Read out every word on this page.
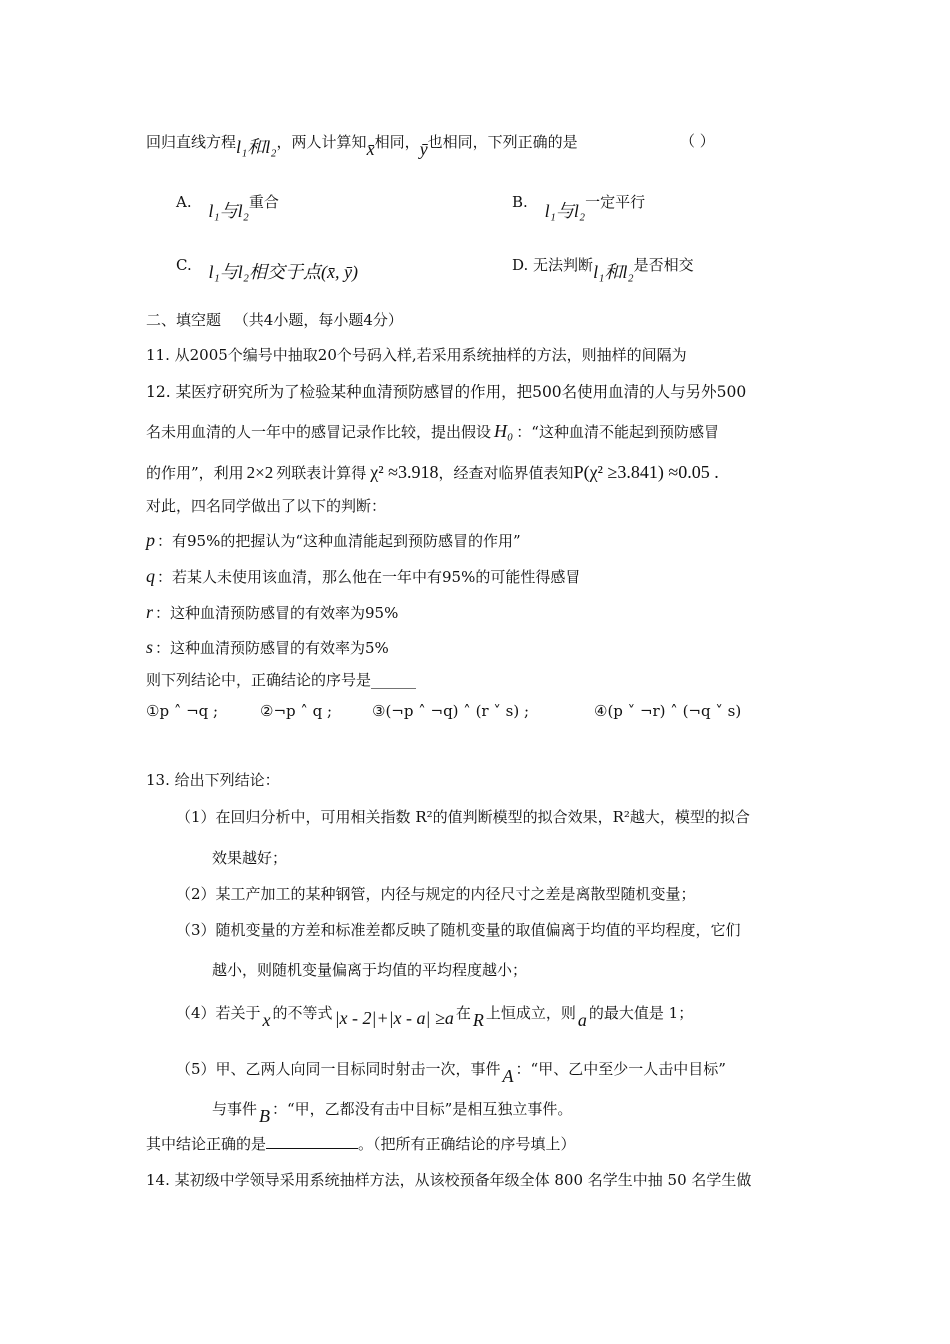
回归直线方程l₁和l₂，两人计算知x̄相同，ȳ也相同，下列正确的是	（ ）
A. l₁与l₂重合	B. l₁与l₂一定平行
C. l₁与l₂相交于点(x̄, ȳ)	D. 无法判断l₁和l₂是否相交
二、填空题 （共4小题，每小题4分）
11. 从2005个编号中抽取20个号码入样,若采用系统抽样的方法，则抽样的间隔为
12. 某医疗研究所为了检验某种血清预防感冒的作用，把500名使用血清的人与另外500
名未用血清的人一年中的感冒记录作比较，提出假设 H₀ ：“这种血清不能起到预防感冒
的作用”，利用 2×2 列联表计算得 χ² ≈3.918，经查对临界值表知P(χ² ≥3.841) ≈0.05 .
对此，四名同学做出了以下的判断：
p ：有95%的把握认为“这种血清能起到预防感冒的作用”
q ：若某人未使用该血清，那么他在一年中有95%的可能性得感冒
r ：这种血清预防感冒的有效率为95%
s ：这种血清预防感冒的有效率为5%
则下列结论中，正确结论的序号是______
①p ˄ ¬q ;	②¬p ˄ q ;	③(¬p ˄ ¬q) ˄ (r ˅ s) ;	④(p ˅ ¬r) ˄ (¬q ˅ s)
13. 给出下列结论：
（1）在回归分析中，可用相关指数 R²的值判断模型的拟合效果，R²越大，模型的拟合
效果越好；
（2）某工产加工的某种钢管，内径与规定的内径尺寸之差是离散型随机变量；
（3）随机变量的方差和标准差都反映了随机变量的取值偏离于均值的平均程度，它们
越小，则随机变量偏离于均值的平均程度越小；
（4）若关于 x 的不等式 |x - 2|+|x - a| ≥a 在 R 上恒成立，则 a 的最大值是 1；
（5）甲、乙两人向同一目标同时射击一次，事件 A ：“甲、乙中至少一人击中目标”
与事件 B ：“甲，乙都没有击中目标”是相互独立事件。
其中结论正确的是	。（把所有正确结论的序号填上）
14. 某初级中学领导采用系统抽样方法，从该校预备年级全体 800 名学生中抽 50 名学生做
